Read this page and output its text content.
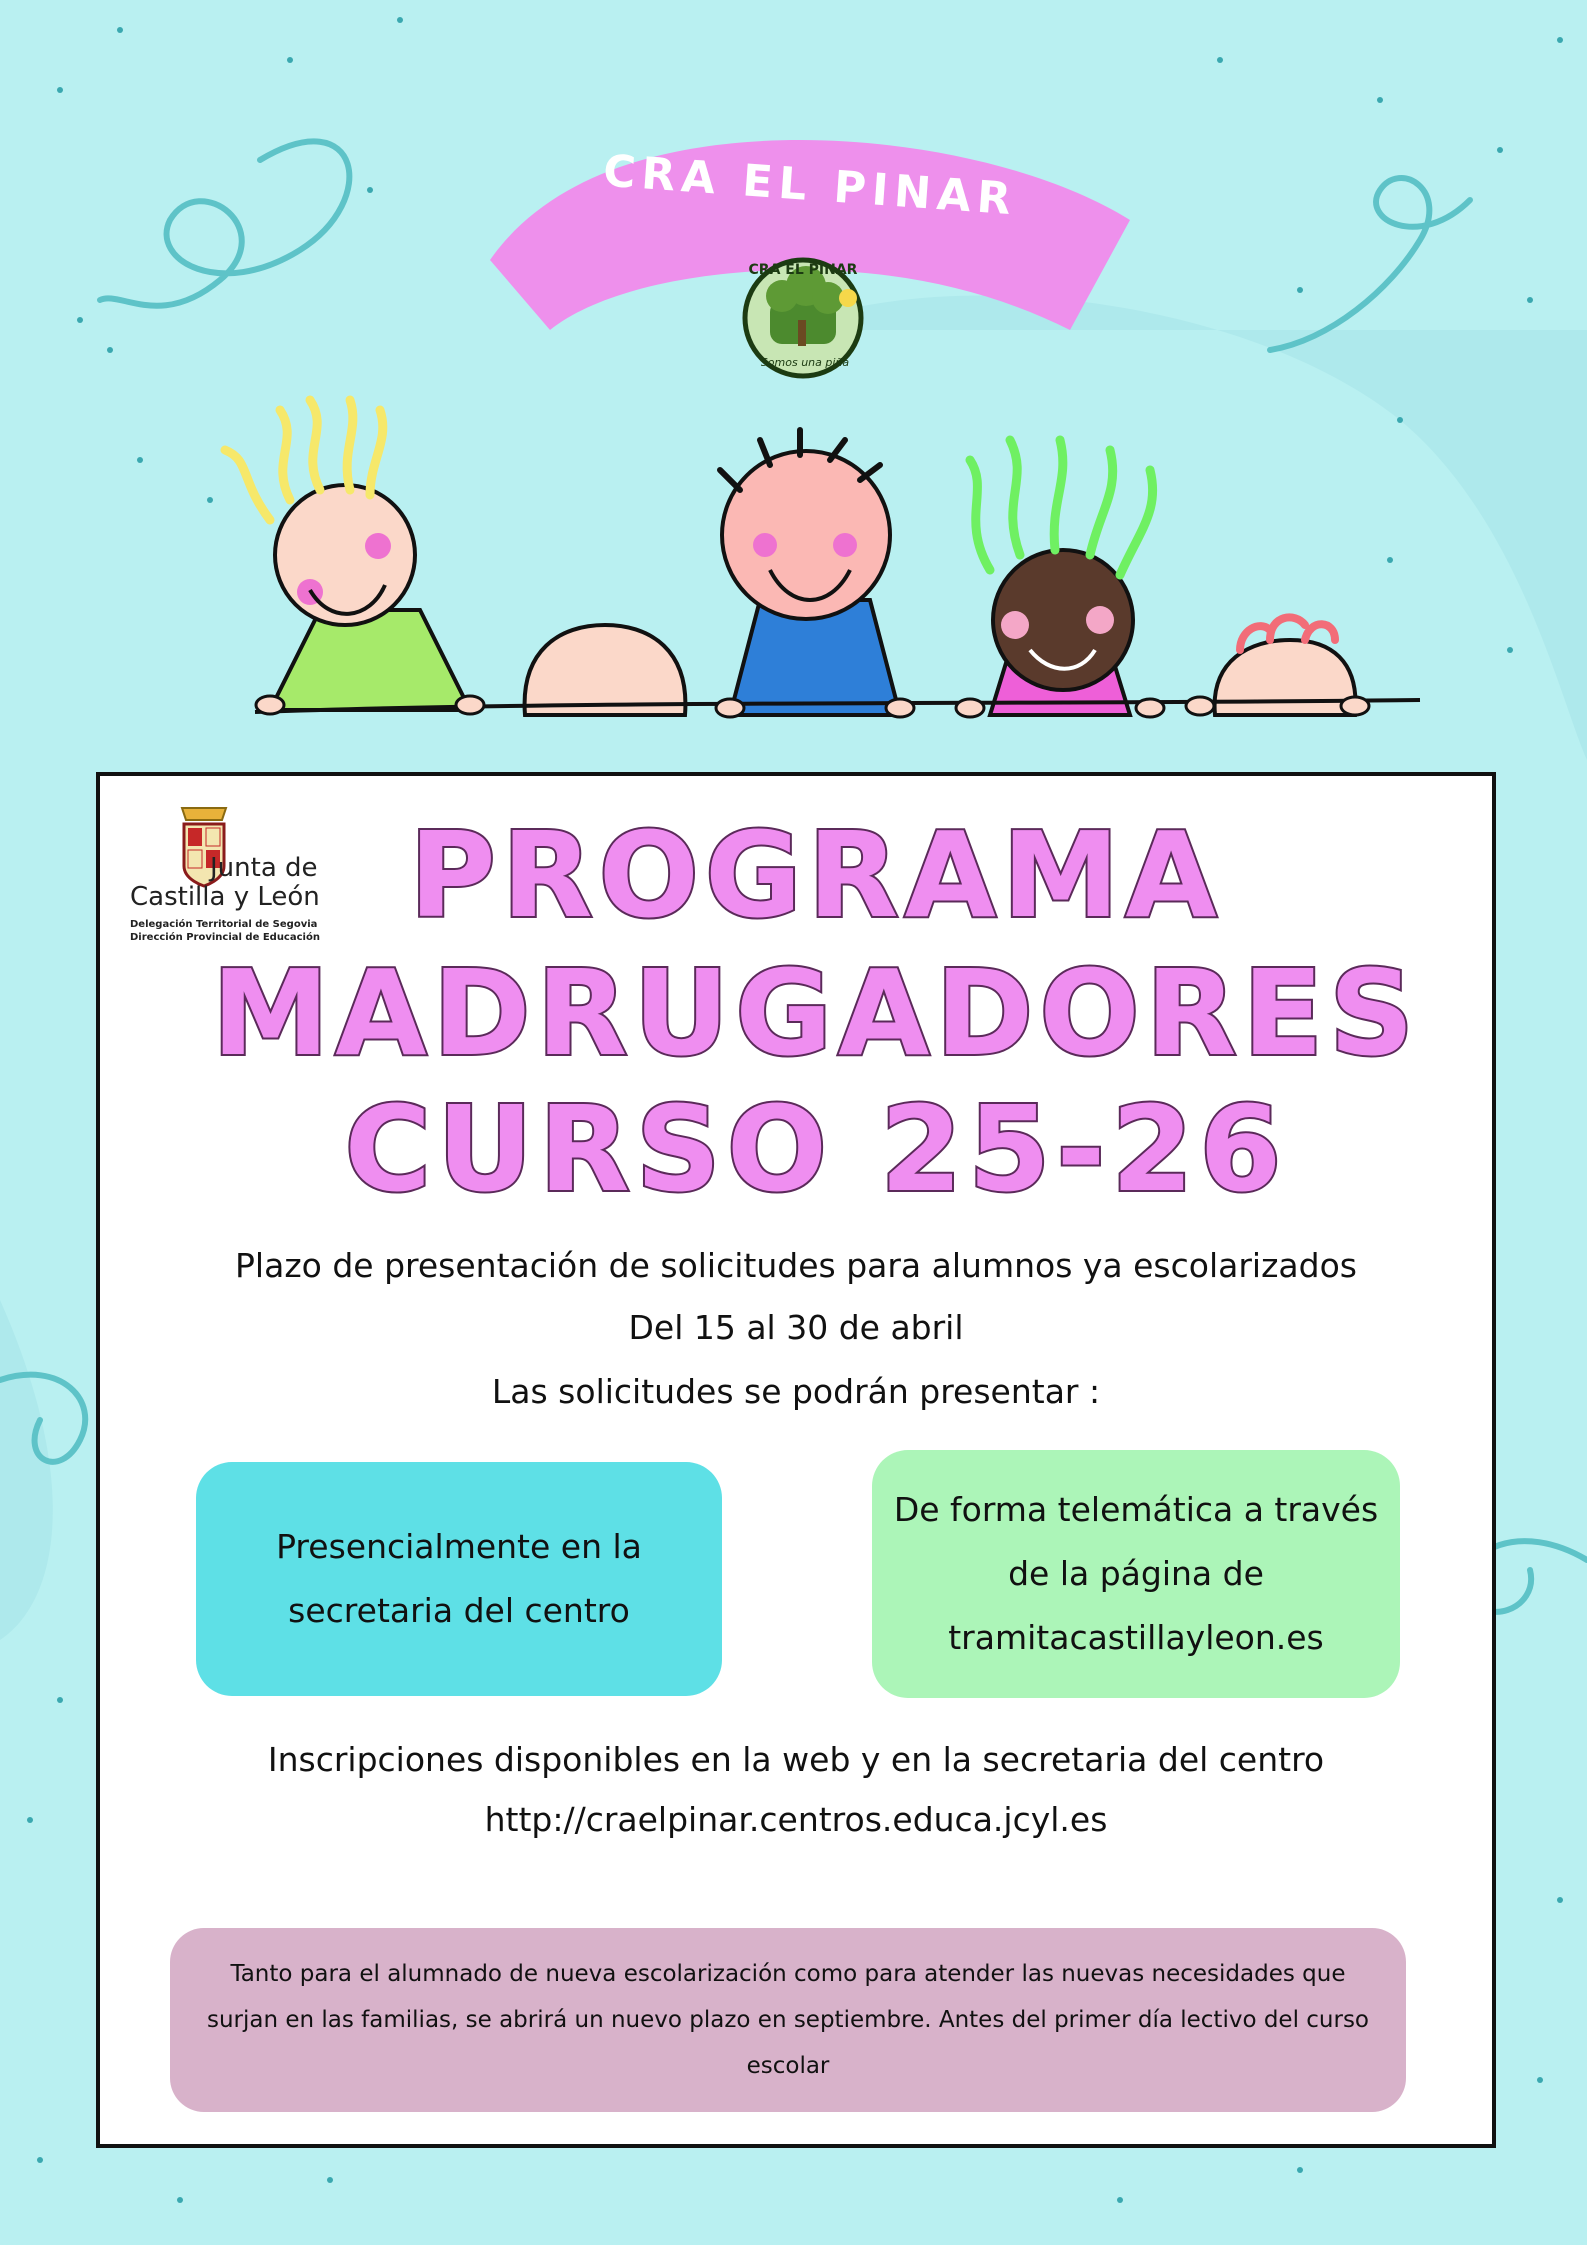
CRA EL PINAR
CRA EL PINAR
Somos una piña
Junta de
Castilla y León
Delegación Territorial de Segovia
Dirección Provincial de Educación PROGRAMA
MADRUGADORES
CURSO 25-26
Plazo de presentación de solicitudes para alumnos ya escolarizados
Del 15 al 30 de abril
Las solicitudes se podrán presentar :
Presencialmente en la secretaria del centro
De forma telemática a través de la página de tramitacastillayleon.es
Inscripciones disponibles en la web y en la secretaria del centro
http://craelpinar.centros.educa.jcyl.es
Tanto para el alumnado de nueva escolarización como para atender las nuevas necesidades que surjan en las familias, se abrirá un nuevo plazo en septiembre. Antes del primer día lectivo del curso escolar
